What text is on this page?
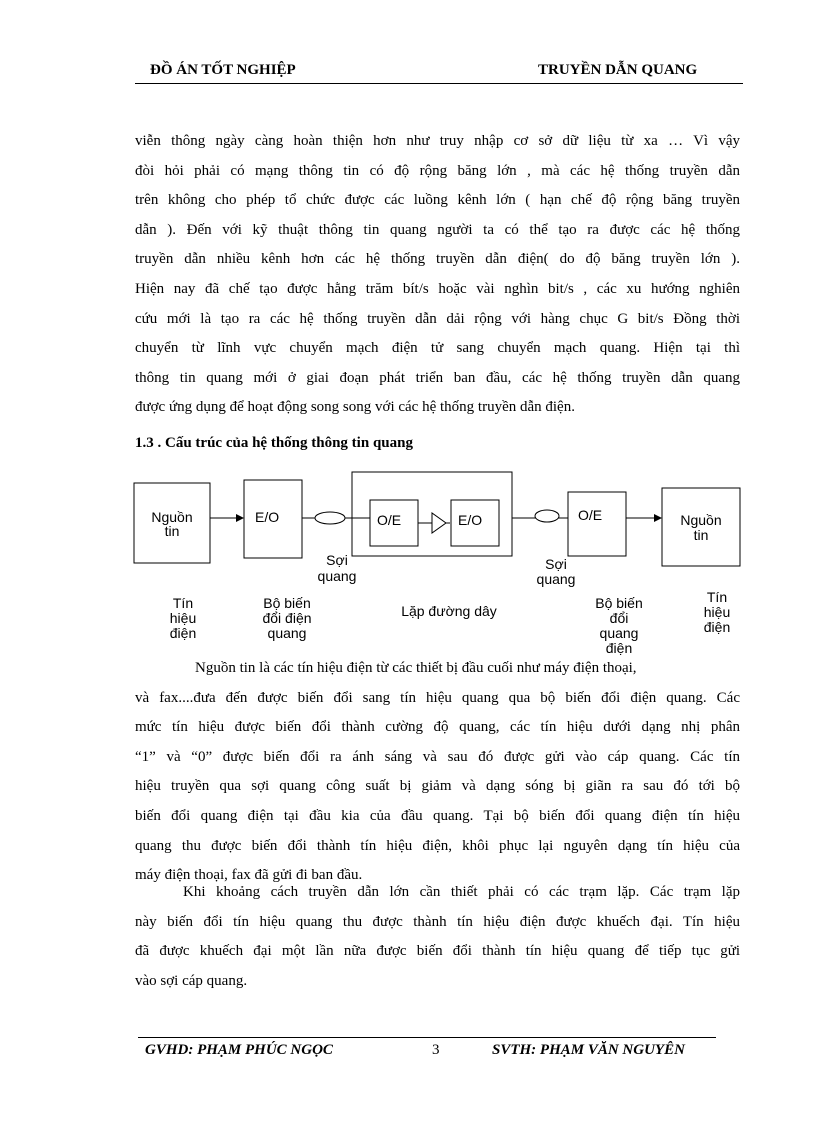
ĐỒ ÁN TỐT NGHIỆP	TRUYỀN DẪN QUANG
viễn thông ngày càng hoàn thiện hơn như truy nhập cơ sở dữ liệu từ xa … Vì vậy
đòi hỏi phải có mạng thông tin có độ rộng băng lớn , mà các hệ thống truyền dẫn
trên không cho phép tổ chức được các luồng kênh lớn ( hạn chế độ rộng băng truyền
dẫn ). Đến với kỹ thuật thông tin quang người ta có thể tạo ra được các hệ thống
truyền dẫn nhiều kênh hơn các hệ thống truyền dẫn điện( do độ băng truyền lớn ).
Hiện nay đã chế tạo được hằng trăm bít/s hoặc vài nghìn bit/s , các xu hướng nghiên
cứu mới là tạo ra các hệ thống truyền dẫn dải rộng với hàng chục G bit/s Đồng thời
chuyển từ lĩnh vực chuyển mạch điện tử sang chuyển mạch quang. Hiện tại thì
thông tin quang mới ở giai đoạn phát triển ban đầu, các hệ thống truyền dẫn quang
được ứng dụng để hoạt động song song với các hệ thống truyền dẫn điện.
1.3 . Cấu trúc của hệ thống thông tin quang
Nguồn tin
E/O	O/E	E/O	O/E	Nguồn tin
Sợi quang
Sợi quang
Tín
hiệu
điện
Bộ biến
đổi điện
quang
Lặp đường dây	Bộ biến
đổi
quang
điện
Tín
hiệu
điện
Nguồn tin là các tín hiệu điện từ các thiết bị đầu cuối như máy điện thoại,
và fax....đưa đến được biến đổi sang tín hiệu quang qua bộ biến đổi điện quang. Các
mức tín hiệu được biến đổi thành cường độ quang, các tín hiệu dưới dạng nhị phân
“1” và “0” được biến đổi ra ánh sáng và sau đó được gửi vào cáp quang. Các tín
hiệu truyền qua sợi quang công suất bị giảm và dạng sóng bị giãn ra sau đó tới bộ
biến đổi quang điện tại đầu kia của đầu quang. Tại bộ biến đổi quang điện tín hiệu
quang thu được biến đổi thành tín hiệu điện, khôi phục lại nguyên dạng tín hiệu của
máy điện thoại, fax đã gửi đi ban đầu.
Khi khoảng cách truyền dẫn lớn cần thiết phải có các trạm lặp. Các trạm lặp
này biến đổi tín hiệu quang thu được thành tín hiệu điện được khuếch đại. Tín hiệu
đã được khuếch đại một lần nữa được biến đổi thành tín hiệu quang để tiếp tục gửi
vào sợi cáp quang.
GVHD: PHẠM PHÚC NGỌC	3	SVTH: PHẠM VĂN NGUYÊN
